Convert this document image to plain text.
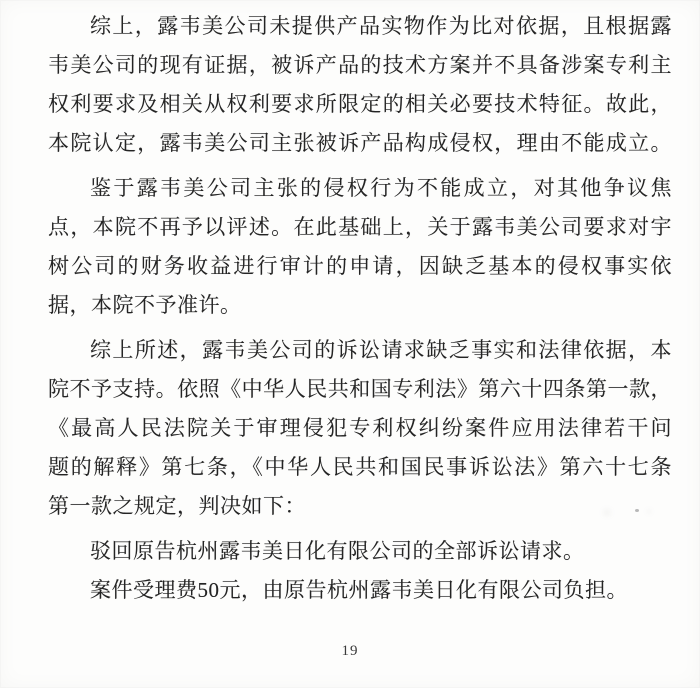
综上，露韦美公司未提供产品实物作为比对依据，且根据露
韦美公司的现有证据，被诉产品的技术方案并不具备涉案专利主
权利要求及相关从权利要求所限定的相关必要技术特征。故此，
本院认定，露韦美公司主张被诉产品构成侵权，理由不能成立。
鉴于露韦美公司主张的侵权行为不能成立，对其他争议焦
点，本院不再予以评述。在此基础上，关于露韦美公司要求对宇
树公司的财务收益进行审计的申请，因缺乏基本的侵权事实依
据，本院不予准许。
综上所述，露韦美公司的诉讼请求缺乏事实和法律依据，本
院不予支持。依照《中华人民共和国专利法》第六十四条第一款，
《最高人民法院关于审理侵犯专利权纠纷案件应用法律若干问
题的解释》第七条，《中华人民共和国民事诉讼法》第六十七条
第一款之规定，判决如下：
驳回原告杭州露韦美日化有限公司的全部诉讼请求。
案件受理费50元，由原告杭州露韦美日化有限公司负担。
19
